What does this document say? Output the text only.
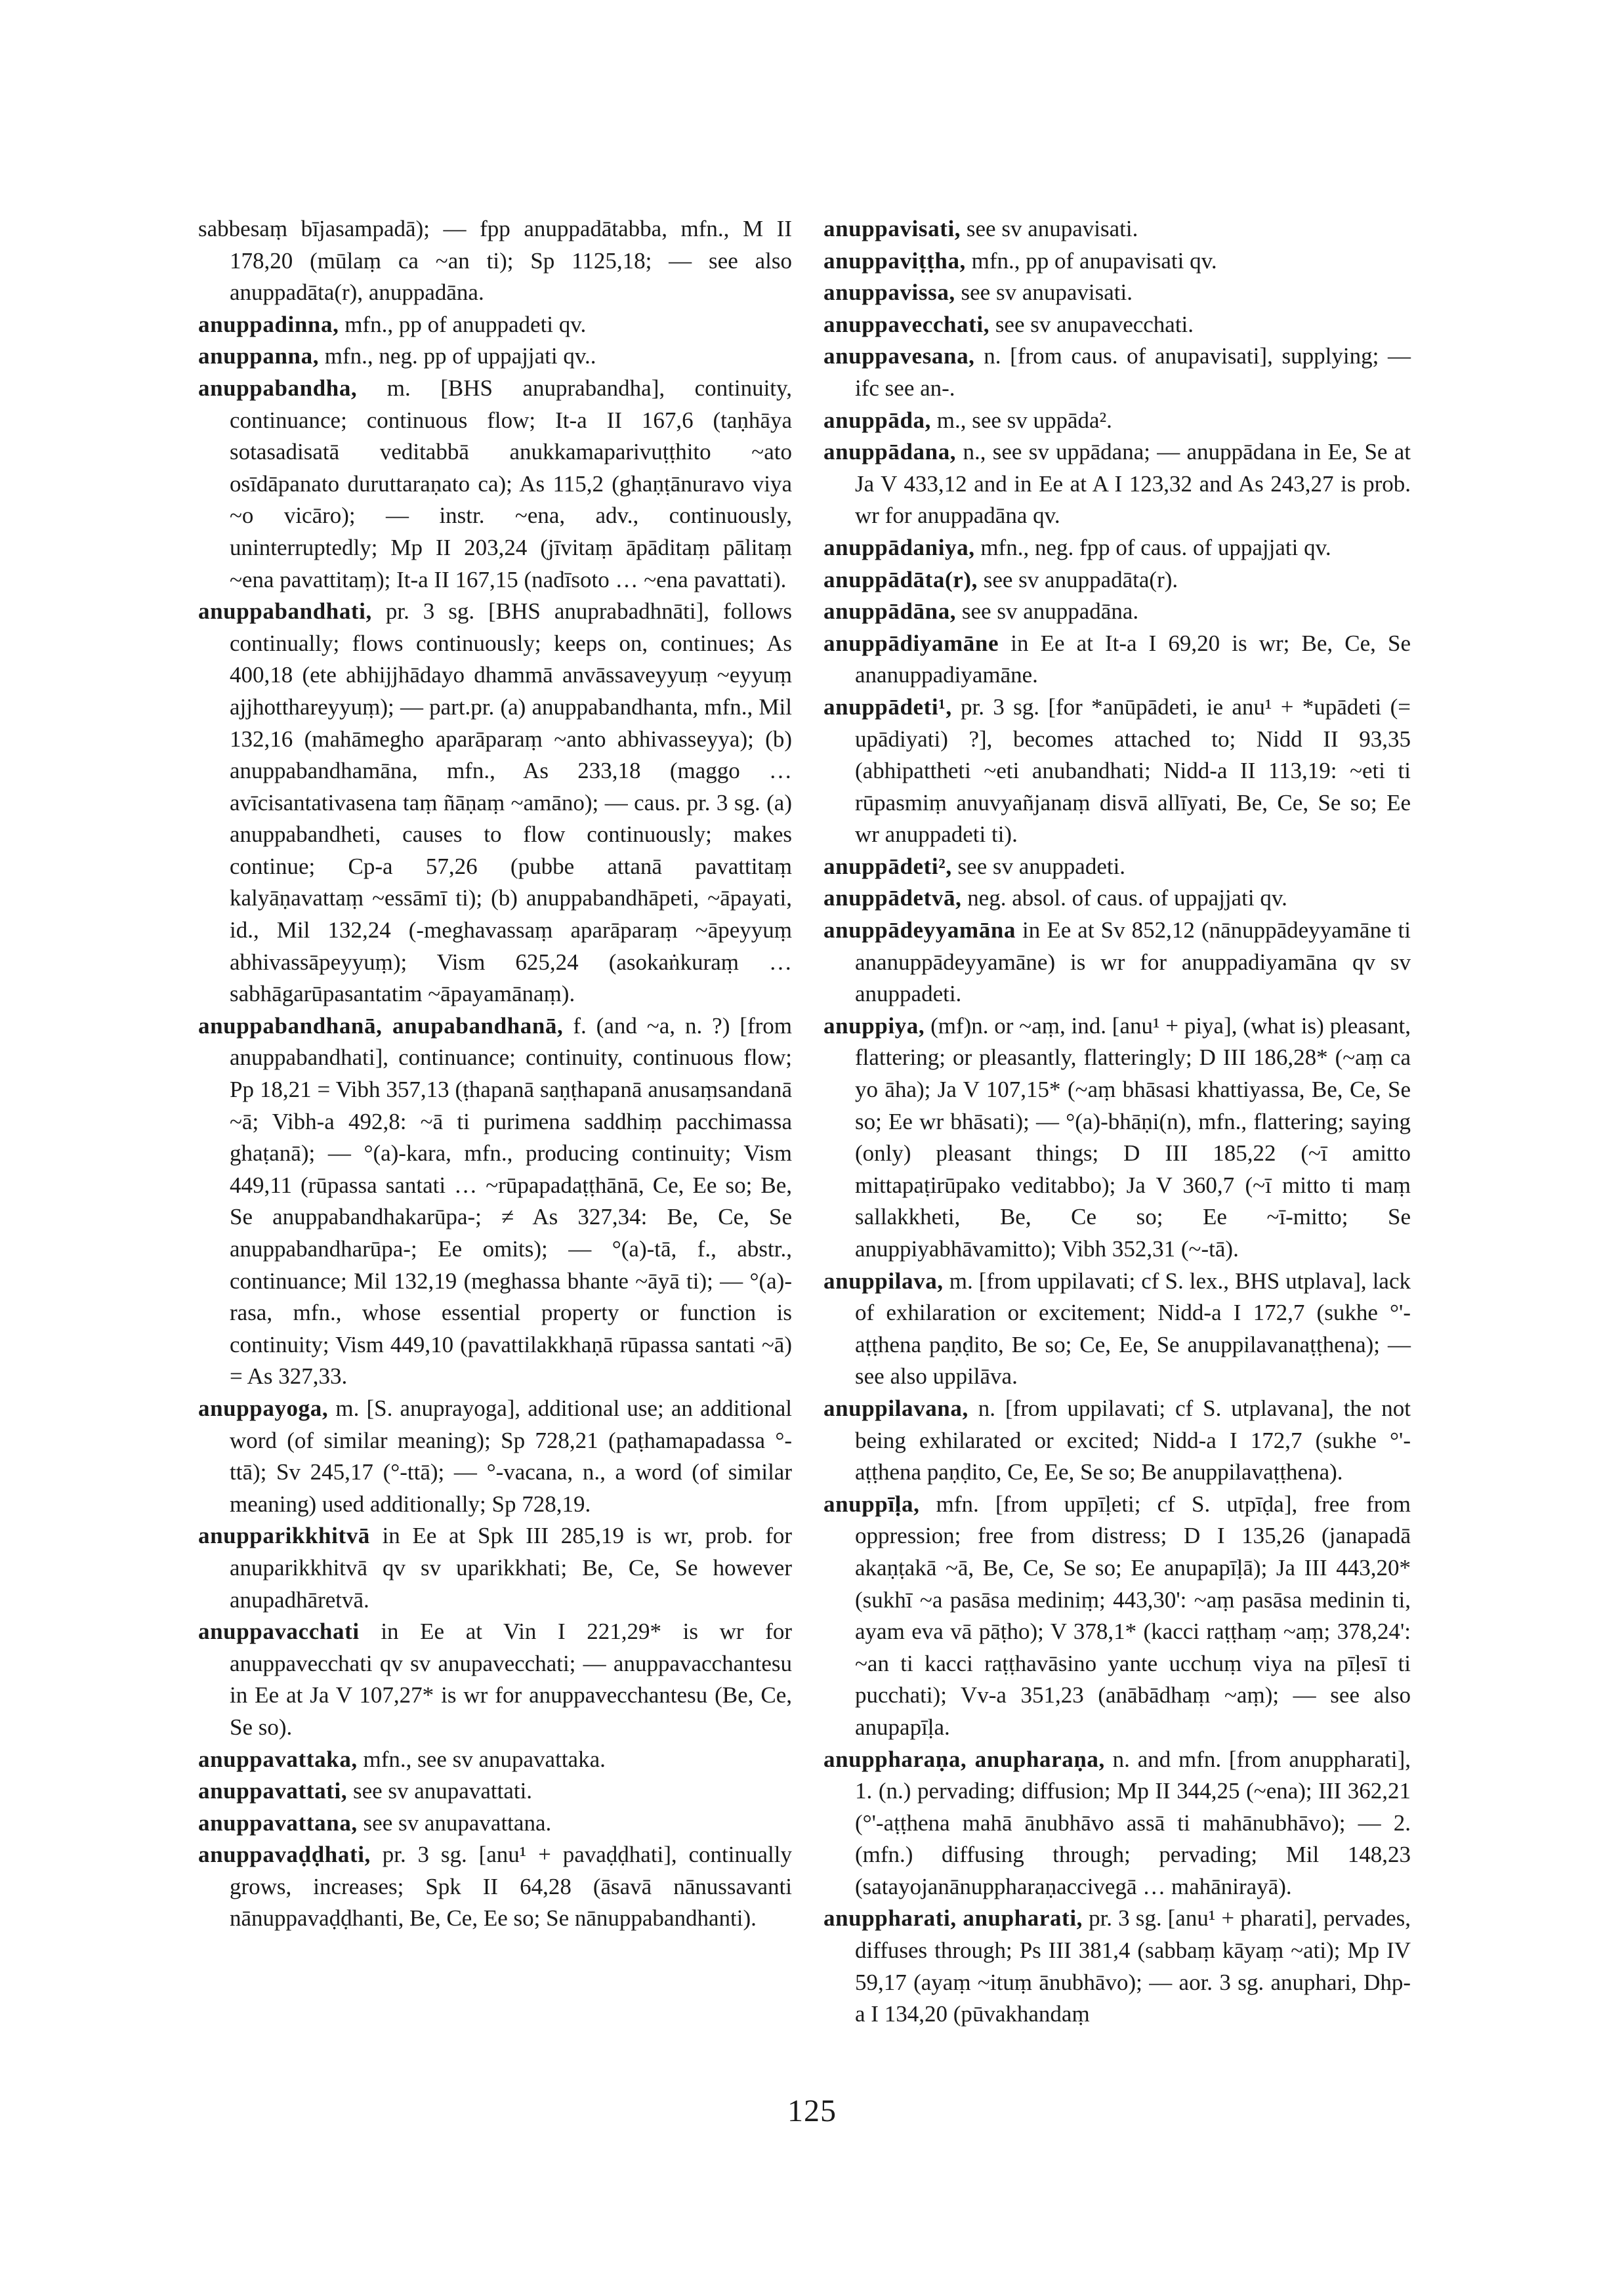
sabbesaṃ bījasampadā); — fpp anuppadātabba, mfn., M II 178,20 (mūlaṃ ca ~an ti); Sp 1125,18; — see also anuppadāta(r), anuppadāna.

anuppadinna, mfn., pp of anuppadeti qv.

anuppanna, mfn., neg. pp of uppajjati qv..

anuppabandha, m. [BHS anuprabandha], continuity, continuance; continuous flow; It-a II 167,6 (taṇhāya sotasadisatā veditabbā anukkamaparivuṭṭhito ~ato osīdāpanato duruttaraṇato ca); As 115,2 (ghaṇṭānuravo viya ~o vicāro); — instr. ~ena, adv., continuously, uninterruptedly; Mp II 203,24 (jīvitaṃ āpāditaṃ pālitaṃ ~ena pavattitaṃ); It-a II 167,15 (nadīsoto … ~ena pavattati).

anuppabandhati, pr. 3 sg. [BHS anuprabadhnāti], follows continually; flows continuously; keeps on, continues; As 400,18 (ete abhijjhādayo dhammā anvāssaveyyuṃ ~eyyuṃ ajjhottharеyyuṃ); — part.pr. (a) anuppabandhanta, mfn., Mil 132,16 (mahāmegho aparāparaṃ ~anto abhivasseyya); (b) anuppabandhamāna, mfn., As 233,18 (maggo … avīcisantativasena taṃ ñāṇaṃ ~amāno); — caus. pr. 3 sg. (a) anuppabandheti, causes to flow continuously; makes continue; Cp-a 57,26 (pubbe attanā pavattitaṃ kalyāṇavattaṃ ~essāmī ti); (b) anuppabandhāpeti, ~āpayati, id., Mil 132,24 (-meghavassaṃ aparāparaṃ ~āpeyyuṃ abhivassāpeyyuṃ); Vism 625,24 (asokaṅkuraṃ … sabhāgarūpasantatim ~āpayamānaṃ).

anuppabandhanā, anupabandhanā, f. (and ~a, n. ?) [from anuppabandhati], continuance; continuity, continuous flow; Pp 18,21 = Vibh 357,13 (ṭhapanā saṇṭhapanā anusaṃsandanā ~ā; Vibh-a 492,8: ~ā ti purimena saddhiṃ pacchimassa ghaṭanā); — °(a)-kara, mfn., producing continuity; Vism 449,11 (rūpassa santati … ~rūpapadaṭṭhānā, Ce, Ee so; Be, Se anuppabandhakarūpa-; ≠ As 327,34: Be, Ce, Se anuppabandharūpa-; Ee omits); — °(a)-tā, f., abstr., continuance; Mil 132,19 (meghassa bhante ~āyā ti); — °(a)-rasa, mfn., whose essential property or function is continuity; Vism 449,10 (pavattilakkhaṇā rūpassa santati ~ā) = As 327,33.

anuppayoga, m. [S. anuprayoga], additional use; an additional word (of similar meaning); Sp 728,21 (paṭhamapadassa °-ttā); Sv 245,17 (°-ttā); — °-vacana, n., a word (of similar meaning) used additionally; Sp 728,19.

anupparikkhitvā in Ee at Spk III 285,19 is wr, prob. for anuparikkhitvā qv sv uparikkhati; Be, Ce, Se however anupadhāretvā.

anuppavacchati in Ee at Vin I 221,29* is wr for anuppavecchati qv sv anupavecchati; — anuppavacchantesu in Ee at Ja V 107,27* is wr for anuppavecchantesu (Be, Ce, Se so).

anuppavattaka, mfn., see sv anupavattaka.

anuppavattati, see sv anupavattati.

anuppavattana, see sv anupavattana.

anuppavaḍḍhati, pr. 3 sg. [anu¹ + pavaḍḍhati], continually grows, increases; Spk II 64,28 (āsavā nānussavanti nānuppavaḍḍhanti, Be, Ce, Ee so; Se nānuppabandhanti).

anuppavisati, see sv anupavisati.

anuppaviṭṭha, mfn., pp of anupavisati qv.

anuppavissa, see sv anupavisati.

anuppavecchati, see sv anupavecchati.

anuppavesana, n. [from caus. of anupavisati], supplying; — ifc see an-.

anuppāda, m., see sv uppāda².

anuppādana, n., see sv uppādana; — anuppādana in Ee, Se at Ja V 433,12 and in Ee at A I 123,32 and As 243,27 is prob. wr for anuppadāna qv.

anuppādaniya, mfn., neg. fpp of caus. of uppajjati qv.

anuppādāta(r), see sv anuppadāta(r).

anuppādāna, see sv anuppadāna.

anuppādiyamāne in Ee at It-a I 69,20 is wr; Be, Ce, Se ananuppadiyamāne.

anuppādeti¹, pr. 3 sg. [for *anūpādeti, ie anu¹ + *upādeti (= upādiyati) ?], becomes attached to; Nidd II 93,35 (abhipattheti ~eti anubandhati; Nidd-a II 113,19: ~eti ti rūpasmiṃ anuvyañjanaṃ disvā allīyati, Be, Ce, Se so; Ee wr anuppadeti ti).

anuppādeti², see sv anuppadeti.

anuppādetvā, neg. absol. of caus. of uppajjati qv.

anuppādeyyamāna in Ee at Sv 852,12 (nānuppādeyyamāne ti ananuppādeyyamāne) is wr for anuppadiyamāna qv sv anuppadeti.

anuppiya, (mf)n. or ~aṃ, ind. [anu¹ + piya], (what is) pleasant, flattering; or pleasantly, flatteringly; D III 186,28* (~aṃ ca yo āha); Ja V 107,15* (~aṃ bhāsasi khattiyassa, Be, Ce, Se so; Ee wr bhāsati); — °(a)-bhāṇi(n), mfn., flattering; saying (only) pleasant things; D III 185,22 (~ī amitto mittapaṭirūpako veditabbo); Ja V 360,7 (~ī mitto ti maṃ sallakkheti, Be, Ce so; Ee ~ī-mitto; Se anuppiyabhāvamitto); Vibh 352,31 (~-tā).

anuppilava, m. [from uppilavati; cf S. lex., BHS utplava], lack of exhilaration or excitement; Nidd-a I 172,7 (sukhe °'-aṭṭhena paṇḍito, Be so; Ce, Ee, Se anuppilavanaṭṭhena); — see also uppilāva.

anuppilavana, n. [from uppilavati; cf S. utplavana], the not being exhilarated or excited; Nidd-a I 172,7 (sukhe °'-aṭṭhena paṇḍito, Ce, Ee, Se so; Be anuppilavaṭṭhena).

anuppīḷa, mfn. [from uppīḷeti; cf S. utpīḍa], free from oppression; free from distress; D I 135,26 (janapadā akaṇṭakā ~ā, Be, Ce, Se so; Ee anupapīḷā); Ja III 443,20* (sukhī ~a pasāsa mediniṃ; 443,30': ~aṃ pasāsa medinin ti, ayam eva vā pāṭho); V 378,1* (kacci raṭṭhaṃ ~aṃ; 378,24': ~an ti kacci raṭṭhavāsino yante ucchuṃ viya na pīḷesī ti pucchati); Vv-a 351,23 (anābādhaṃ ~aṃ); — see also anupapīḷa.

anuppharaṇa, anupharaṇa, n. and mfn. [from anuppharati], 1. (n.) pervading; diffusion; Mp II 344,25 (~ena); III 362,21 (°'-aṭṭhena mahā ānubhāvo assā ti mahānubhāvo); — 2. (mfn.) diffusing through; pervading; Mil 148,23 (satayojanānuppharaṇaccivegā … mahānirayā).

anuppharati, anupharati, pr. 3 sg. [anu¹ + pharati], pervades, diffuses through; Ps III 381,4 (sabbaṃ kāyaṃ ~ati); Mp IV 59,17 (ayaṃ ~ituṃ ānubhāvo); — aor. 3 sg. anuphari, Dhp-a I 134,20 (pūvakhandaṃ

125
